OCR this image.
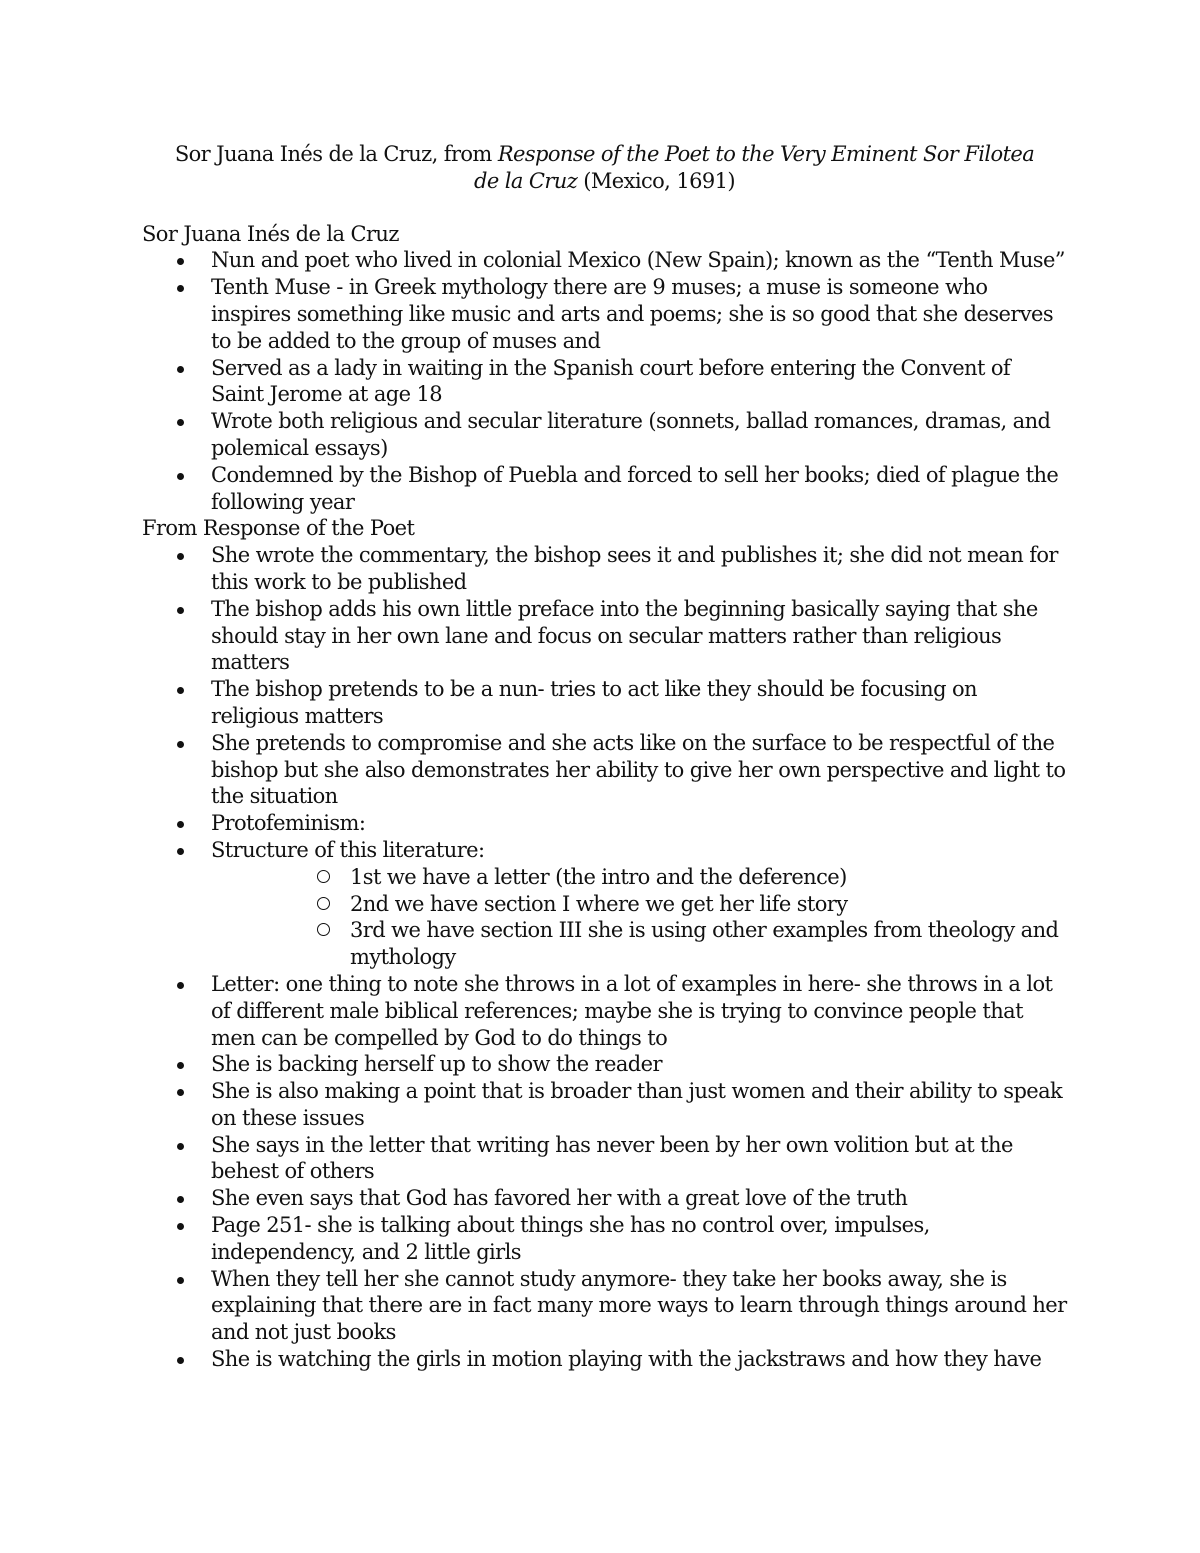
Sor Juana Inés de la Cruz, from Response of the Poet to the Very Eminent Sor Filotea de la Cruz (Mexico, 1691)

Sor Juana Inés de la Cruz

Nun and poet who lived in colonial Mexico (New Spain); known as the “Tenth Muse”
Tenth Muse - in Greek mythology there are 9 muses; a muse is someone who inspires something like music and arts and poems; she is so good that she deserves to be added to the group of muses and
Served as a lady in waiting in the Spanish court before entering the Convent of Saint Jerome at age 18
Wrote both religious and secular literature (sonnets, ballad romances, dramas, and polemical essays)
Condemned by the Bishop of Puebla and forced to sell her books; died of plague the following year

From Response of the Poet

She wrote the commentary, the bishop sees it and publishes it; she did not mean for this work to be published
The bishop adds his own little preface into the beginning basically saying that she should stay in her own lane and focus on secular matters rather than religious matters
The bishop pretends to be a nun- tries to act like they should be focusing on religious matters
She pretends to compromise and she acts like on the surface to be respectful of the bishop but she also demonstrates her ability to give her own perspective and light to the situation
Protofeminism:
Structure of this literature:
1st we have a letter (the intro and the deference)
2nd we have section I where we get her life story
3rd we have section III she is using other examples from theology and mythology
Letter: one thing to note she throws in a lot of examples in here- she throws in a lot of different male biblical references; maybe she is trying to convince people that men can be compelled by God to do things to
She is backing herself up to show the reader
She is also making a point that is broader than just women and their ability to speak on these issues
She says in the letter that writing has never been by her own volition but at the behest of others
She even says that God has favored her with a great love of the truth
Page 251- she is talking about things she has no control over, impulses, independency, and 2 little girls
When they tell her she cannot study anymore- they take her books away, she is explaining that there are in fact many more ways to learn through things around her and not just books
She is watching the girls in motion playing with the jackstraws and how they have
